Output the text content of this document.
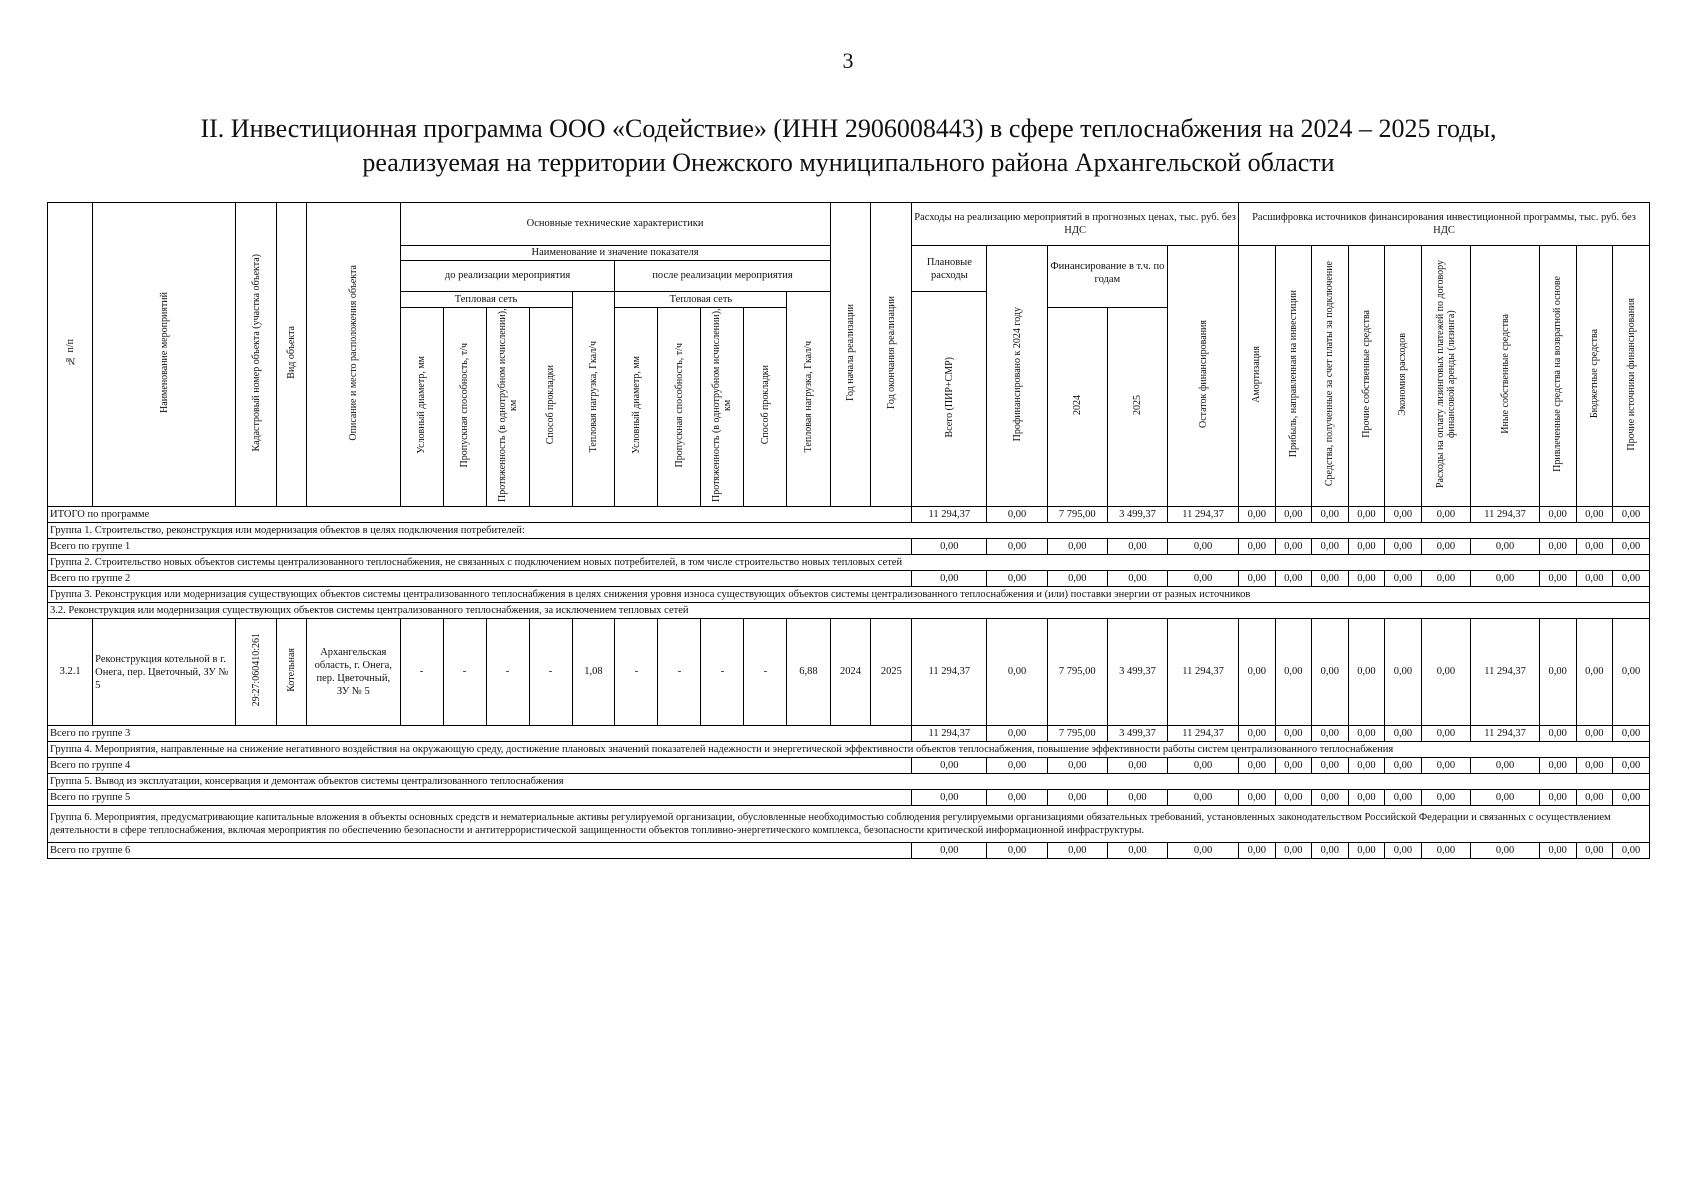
3
II. Инвестиционная программа ООО «Содействие» (ИНН 2906008443) в сфере теплоснабжения на 2024 – 2025 годы,
реализуемая на территории Онежского муниципального района Архангельской области
№ п/п	Наименование мероприятий	Кадастровый номер объекта (участка объекта)	Вид объекта	Описание и место расположения объекта	Основные технические характеристики										Год начала реализации	Год окончания реализации	Расходы на реализацию мероприятий в прогнозных ценах, тыс. руб. без НДС					Расшифровка источников финансирования инвестиционной программы, тыс. руб. без НДС									
					Наименование и значение показателя												Плановые расходы	Профинансировано к 2024 году	Финансирование в т.ч. по годам		Остаток финансирования	Амортизация	Прибыль, направленная на инвестиции	Средства, полученные за счет платы за подключение	Прочие собственные средства	Экономия расходов	Расходы на оплату лизинговых платежей по договору финансовой аренды (лизинга)	Иные собственные средства	Привлеченные средства на возвратной основе	Бюджетные средства	Прочие источники финансирования
					до реализации мероприятия					после реализации мероприятия																					
					Тепловая сеть				Тепловая нагрузка, Гкал/ч	Тепловая сеть				Тепловая нагрузка, Гкал/ч			Всего (ПИР+СМР)														
					Условный диаметр, мм	Пропускная способность, т/ч	Протяженность (в однотрубном исчислении), км	Способ прокладки		Условный диаметр, мм	Пропускная способность, т/ч	Протяженность (в однотрубном исчислении), км	Способ прокладки						2024	2025											
ИТОГО по программе																	11 294,37	0,00	7 795,00	3 499,37	11 294,37	0,00	0,00	0,00	0,00	0,00	0,00	11 294,37	0,00	0,00	0,00
Группа 1. Строительство, реконструкция или модернизация объектов в целях подключения потребителей:																															
Всего по группе 1																	0,00	0,00	0,00	0,00	0,00	0,00	0,00	0,00	0,00	0,00	0,00	0,00	0,00	0,00	0,00
Группа 2. Строительство новых объектов системы централизованного теплоснабжения, не связанных с подключением новых потребителей, в том числе строительство новых тепловых сетей																															
Всего по группе 2																	0,00	0,00	0,00	0,00	0,00	0,00	0,00	0,00	0,00	0,00	0,00	0,00	0,00	0,00	0,00
Группа 3. Реконструкция или модернизация существующих объектов системы централизованного теплоснабжения в целях снижения уровня износа существующих объектов системы централизованного теплоснабжения и (или) поставки энергии от разных источников																															
3.2. Реконструкция или модернизация существующих объектов системы централизованного теплоснабжения, за исключением тепловых сетей																															
3.2.1	Реконструкция котельной в г. Онега, пер. Цветочный, ЗУ № 5	29:27:060410:261	Котельная	Архангельская область, г. Онега, пер. Цветочный, ЗУ № 5	-	-	-	-	1,08	-	-	-	-	6,88	2024	2025	11 294,37	0,00	7 795,00	3 499,37	11 294,37	0,00	0,00	0,00	0,00	0,00	0,00	11 294,37	0,00	0,00	0,00
Всего по группе 3																	11 294,37	0,00	7 795,00	3 499,37	11 294,37	0,00	0,00	0,00	0,00	0,00	0,00	11 294,37	0,00	0,00	0,00
Группа 4. Мероприятия, направленные на снижение негативного воздействия на окружающую среду, достижение плановых значений показателей надежности и энергетической эффективности объектов теплоснабжения, повышение эффективности работы систем централизованного теплоснабжения																															
Всего по группе 4																	0,00	0,00	0,00	0,00	0,00	0,00	0,00	0,00	0,00	0,00	0,00	0,00	0,00	0,00	0,00
Группа 5. Вывод из эксплуатации, консервация и демонтаж объектов системы централизованного теплоснабжения																															
Всего по группе 5																	0,00	0,00	0,00	0,00	0,00	0,00	0,00	0,00	0,00	0,00	0,00	0,00	0,00	0,00	0,00
Группа 6. Мероприятия, предусматривающие капитальные вложения в объекты основных средств и нематериальные активы регулируемой организации, обусловленные необходимостью соблюдения регулируемыми организациями обязательных требований, установленных законодательством Российской Федерации и связанных с осуществлением деятельности в сфере теплоснабжения, включая мероприятия по обеспечению безопасности и антитеррористической защищенности объектов топливно-энергетического комплекса, безопасности критической информационной инфраструктуры.																															
Всего по группе 6																	0,00	0,00	0,00	0,00	0,00	0,00	0,00	0,00	0,00	0,00	0,00	0,00	0,00	0,00	0,00
